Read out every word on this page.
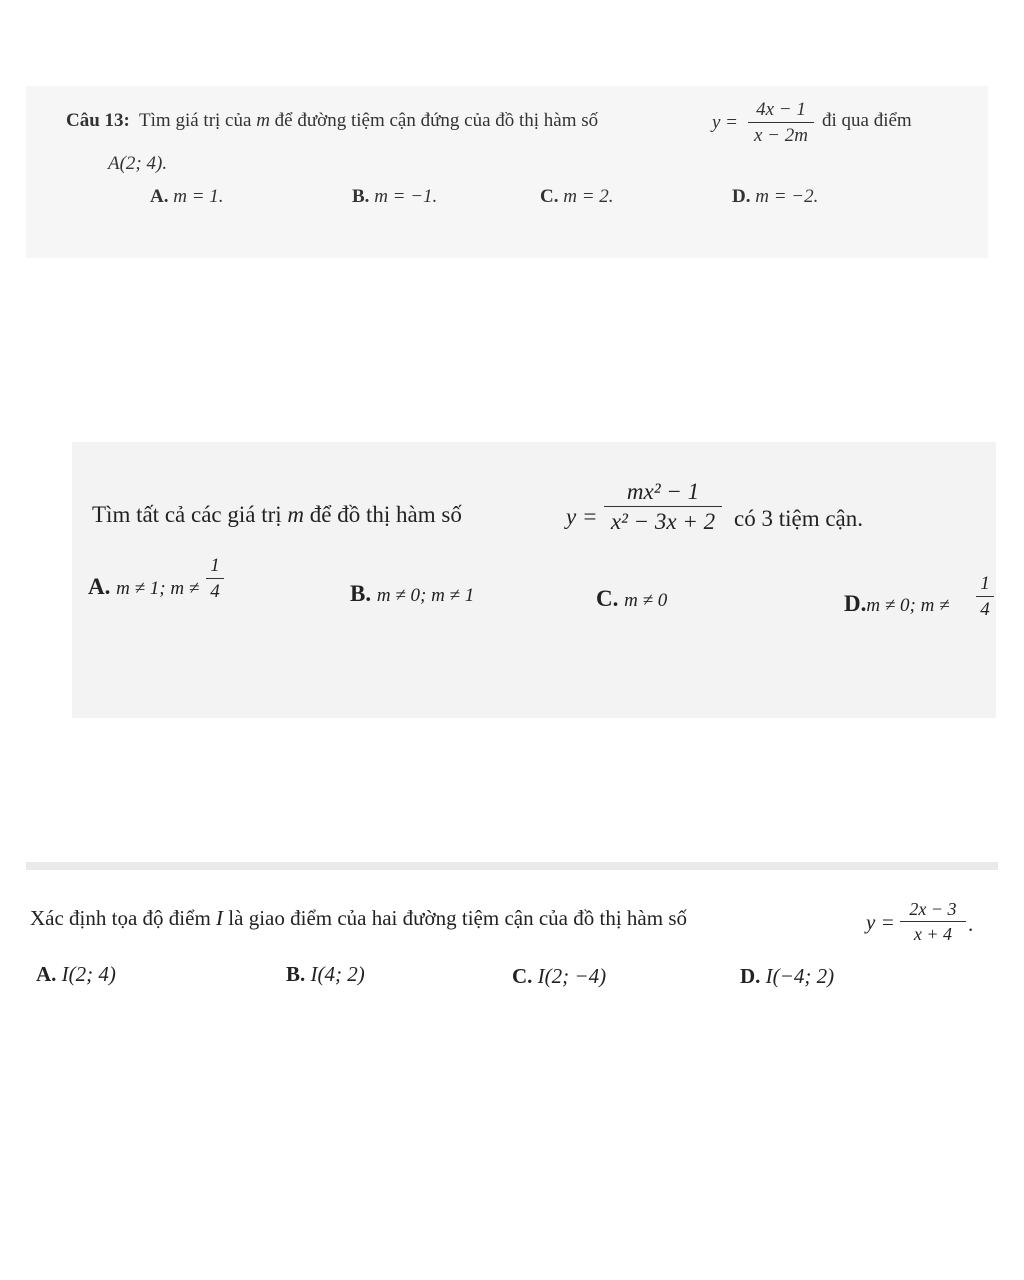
Câu 13: Tìm giá trị của m để đường tiệm cận đứng của đồ thị hàm số	y =
4x − 1
x − 2m
đi qua điểm
A(2; 4).
A. m = 1.	B. m = −1.	C. m = 2.	D. m = −2.
Tìm tất cả các giá trị m để đồ thị hàm số	y =
mx² − 1
x² − 3x + 2 có 3 tiệm cận.
A. m ≠ 1; m ≠
1
4	B. m ≠ 0; m ≠ 1	C. m ≠ 0	D.m ≠ 0; m ≠
1
4
Xác định tọa độ điểm I là giao điểm của hai đường tiệm cận của đồ thị hàm số	y =
2x − 3
x + 4 .
A. I(2; 4)	B. I(4; 2)	C. I(2; −4)	D. I(−4; 2)
